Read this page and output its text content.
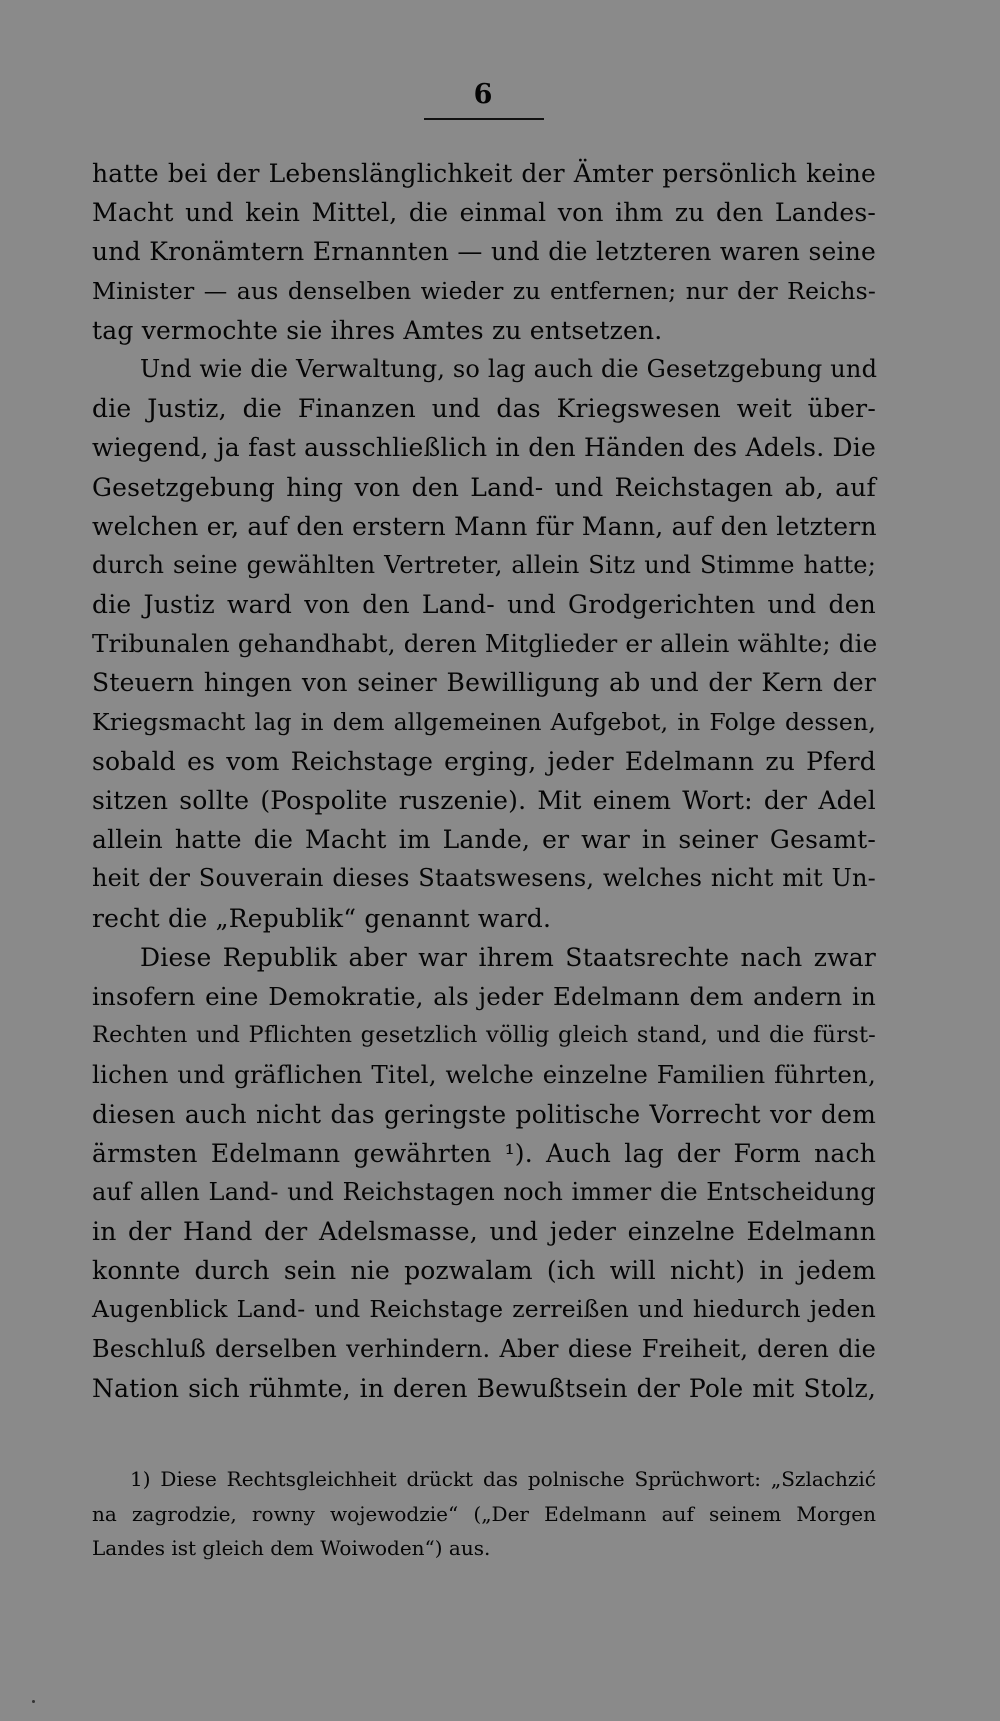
6
hatte bei der Lebenslänglichkeit der Ämter persönlich keine
Macht und kein Mittel, die einmal von ihm zu den Landes-
und Kronämtern Ernannten — und die letzteren waren seine
Minister — aus denselben wieder zu entfernen; nur der Reichs-
tag vermochte sie ihres Amtes zu entsetzen.
Und wie die Verwaltung, so lag auch die Gesetzgebung und
die Justiz, die Finanzen und das Kriegswesen weit über-
wiegend, ja fast ausschließlich in den Händen des Adels. Die
Gesetzgebung hing von den Land- und Reichstagen ab, auf
welchen er, auf den erstern Mann für Mann, auf den letztern
durch seine gewählten Vertreter, allein Sitz und Stimme hatte;
die Justiz ward von den Land- und Grodgerichten und den
Tribunalen gehandhabt, deren Mitglieder er allein wählte; die
Steuern hingen von seiner Bewilligung ab und der Kern der
Kriegsmacht lag in dem allgemeinen Aufgebot, in Folge dessen,
sobald es vom Reichstage erging, jeder Edelmann zu Pferd
sitzen sollte (Pospolite ruszenie). Mit einem Wort: der Adel
allein hatte die Macht im Lande, er war in seiner Gesamt-
heit der Souverain dieses Staatswesens, welches nicht mit Un-
recht die „Republik“ genannt ward.
Diese Republik aber war ihrem Staatsrechte nach zwar
insofern eine Demokratie, als jeder Edelmann dem andern in
Rechten und Pflichten gesetzlich völlig gleich stand, und die fürst-
lichen und gräflichen Titel, welche einzelne Familien führten,
diesen auch nicht das geringste politische Vorrecht vor dem
ärmsten Edelmann gewährten ¹). Auch lag der Form nach
auf allen Land- und Reichstagen noch immer die Entscheidung
in der Hand der Adelsmasse, und jeder einzelne Edelmann
konnte durch sein nie pozwalam (ich will nicht) in jedem
Augenblick Land- und Reichstage zerreißen und hiedurch jeden
Beschluß derselben verhindern. Aber diese Freiheit, deren die
Nation sich rühmte, in deren Bewußtsein der Pole mit Stolz,
1) Diese Rechtsgleichheit drückt das polnische Sprüchwort: „Szlachzić
na zagrodzie, rowny wojewodzie“ („Der Edelmann auf seinem Morgen
Landes ist gleich dem Woiwoden“) aus.
